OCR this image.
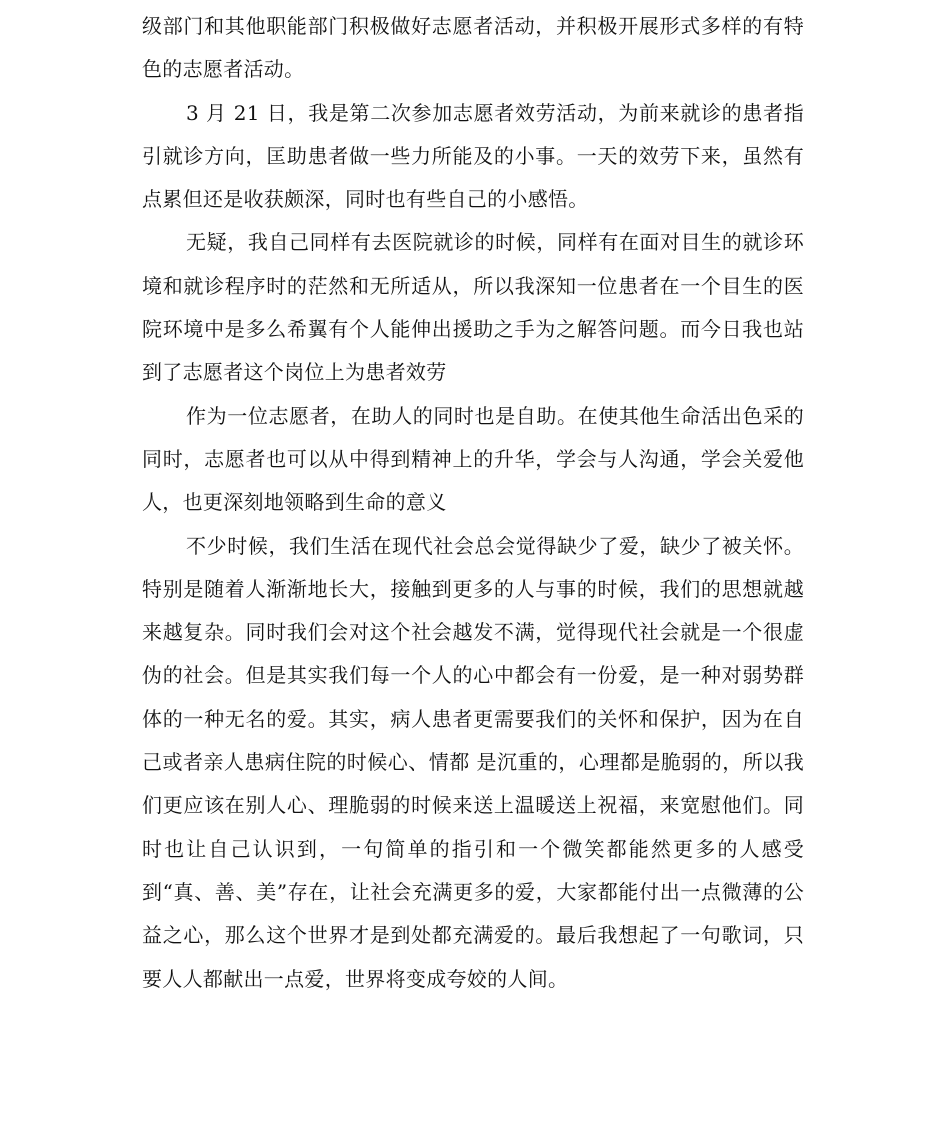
级部门和其他职能部门积极做好志愿者活动，并积极开展形式多样的有特色的志愿者活动。

3 月 21 日，我是第二次参加志愿者效劳活动，为前来就诊的患者指引就诊方向，匡助患者做一些力所能及的小事。一天的效劳下来，虽然有点累但还是收获颇深，同时也有些自己的小感悟。

无疑，我自己同样有去医院就诊的时候，同样有在面对目生的就诊环境和就诊程序时的茫然和无所适从，所以我深知一位患者在一个目生的医院环境中是多么希翼有个人能伸出援助之手为之解答问题。而今日我也站到了志愿者这个岗位上为患者效劳

作为一位志愿者，在助人的同时也是自助。在使其他生命活出色采的同时，志愿者也可以从中得到精神上的升华，学会与人沟通，学会关爱他人，也更深刻地领略到生命的意义

不少时候，我们生活在现代社会总会觉得缺少了爱，缺少了被关怀。特别是随着人渐渐地长大，接触到更多的人与事的时候，我们的思想就越来越复杂。同时我们会对这个社会越发不满，觉得现代社会就是一个很虚伪的社会。但是其实我们每一个人的心中都会有一份爱，是一种对弱势群体的一种无名的爱。其实，病人患者更需要我们的关怀和保护，因为在自己或者亲人患病住院的时候心、情都 是沉重的，心理都是脆弱的，所以我们更应该在别人心、理脆弱的时候来送上温暖送上祝福，来宽慰他们。同时也让自己认识到，一句简单的指引和一个微笑都能然更多的人感受到“真、善、美”存在，让社会充满更多的爱，大家都能付出一点微薄的公益之心，那么这个世界才是到处都充满爱的。最后我想起了一句歌词，只要人人都献出一点爱，世界将变成夸姣的人间。
